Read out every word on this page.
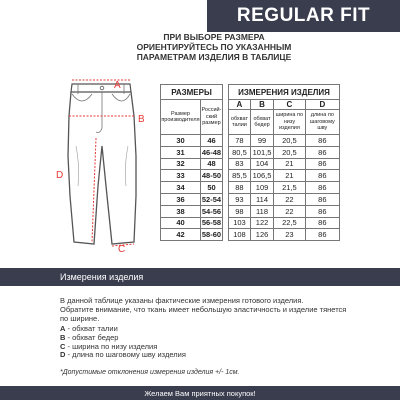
REGULAR FIT
ПРИ ВЫБОРЕ РАЗМЕРА
ОРИЕНТИРУЙТЕСЬ ПО УКАЗАННЫМ
ПАРАМЕТРАМ ИЗДЕЛИЯ В ТАБЛИЦЕ
A
B
D
C
РАЗМЕРЫ	
Размер производителя	Россий-ский размер
30	46
31	46-48
32	48
33	48-50
34	50
36	52-54
38	54-56
40	56-58
42	58-60
ИЗМЕРЕНИЯ ИЗДЕЛИЯ			
A	B	C	D
обхват талии	обхват бедер	ширина по низу изделия	длина по шаговому шву
78	99	20,5	86
80,5	101,5	20,5	86
83	104	21	86
85,5	106,5	21	86
88	109	21,5	86
93	114	22	86
98	118	22	86
103	122	22,5	86
108	126	23	86
Измерения изделия

В данной таблице указаны фактические измерения готового изделия.

Обратите внимание, что ткань имеет небольшую эластичность и изделие тянется

по ширине.

A - обхват талии
B - обхват бедер
C - ширина по низу изделия
D - длина по шаговому шву изделия
*Допустимые отклонения измерения изделия +/- 1см.
Желаем Вам приятных покупок!
